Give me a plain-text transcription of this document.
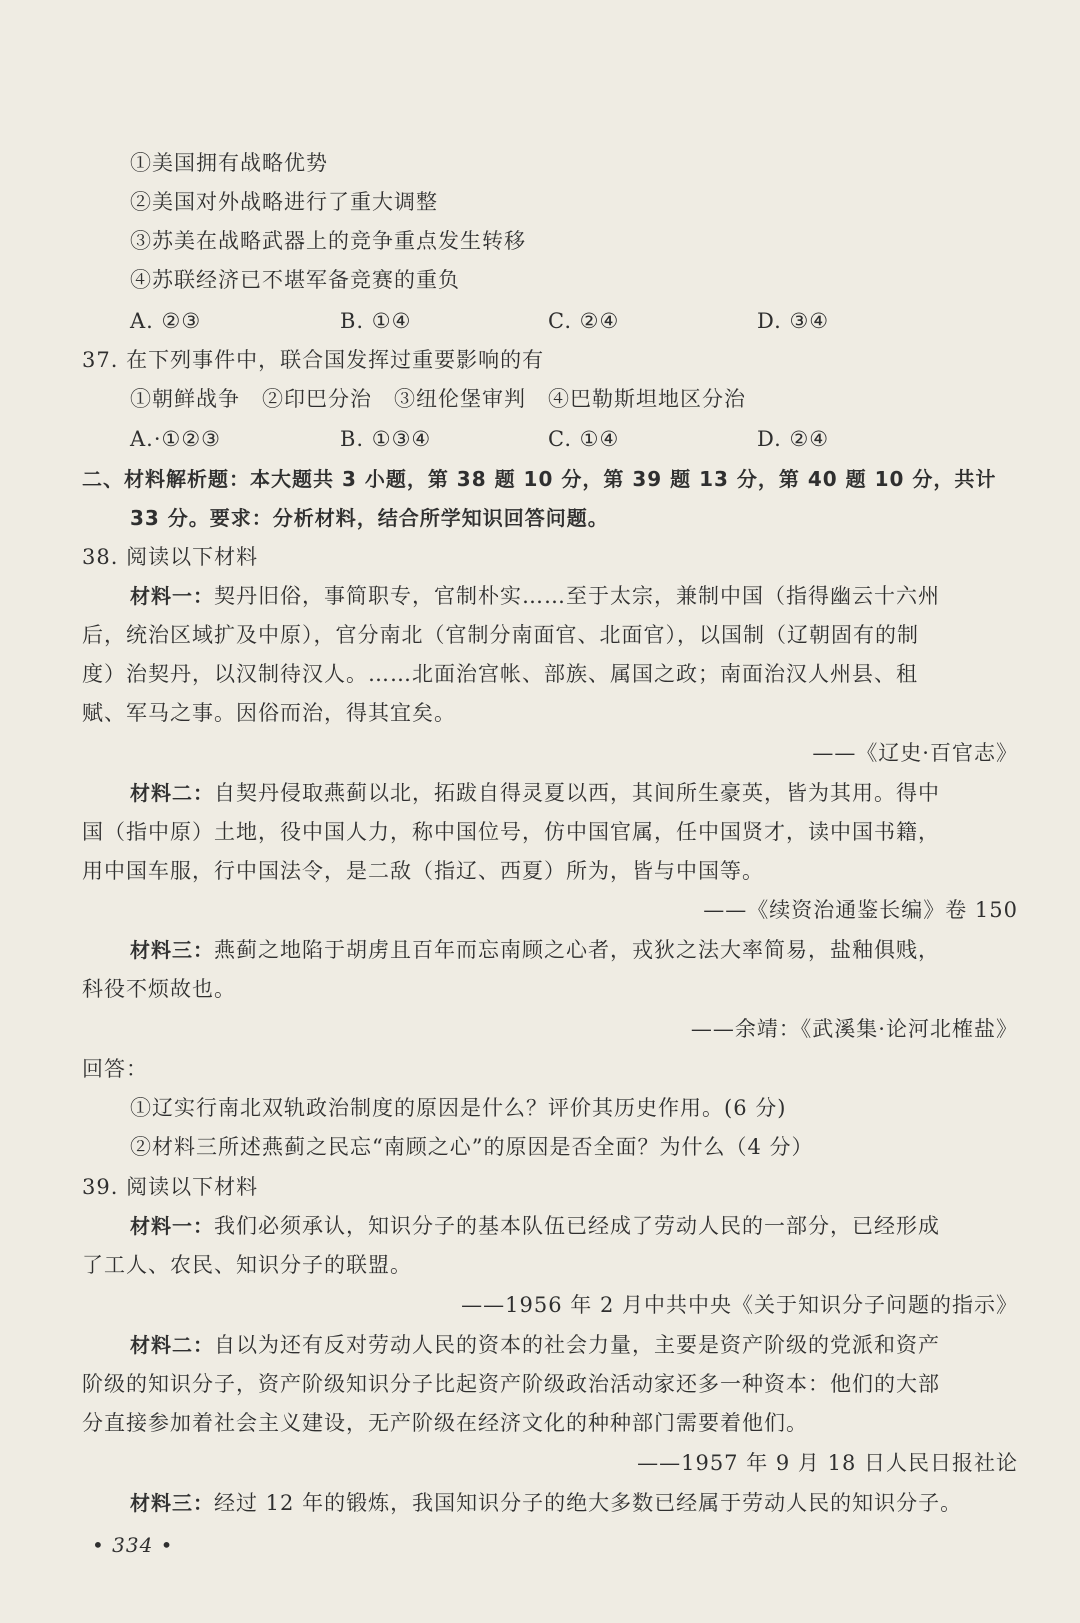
①美国拥有战略优势
②美国对外战略进行了重大调整
③苏美在战略武器上的竞争重点发生转移
④苏联经济已不堪军备竞赛的重负
A. ②③	B. ①④	C. ②④	D. ③④
37. 在下列事件中，联合国发挥过重要影响的有
①朝鲜战争　②印巴分治　③纽伦堡审判　④巴勒斯坦地区分治
A.·①②③	B. ①③④	C. ①④	D. ②④
二、材料解析题：本大题共 3 小题，第 38 题 10 分，第 39 题 13 分，第 40 题 10 分，共计
33 分。要求：分析材料，结合所学知识回答问题。
38. 阅读以下材料
材料一：契丹旧俗，事简职专，官制朴实……至于太宗，兼制中国（指得幽云十六州
后，统治区域扩及中原），官分南北（官制分南面官、北面官），以国制（辽朝固有的制
度）治契丹，以汉制待汉人。……北面治宫帐、部族、属国之政；南面治汉人州县、租
赋、军马之事。因俗而治，得其宜矣。
——《辽史·百官志》
材料二：自契丹侵取燕蓟以北，拓跋自得灵夏以西，其间所生豪英，皆为其用。得中
国（指中原）土地，役中国人力，称中国位号，仿中国官属，任中国贤才，读中国书籍，
用中国车服，行中国法令，是二敌（指辽、西夏）所为，皆与中国等。
——《续资治通鉴长编》卷 150
材料三：燕蓟之地陷于胡虏且百年而忘南顾之心者，戎狄之法大率简易，盐釉俱贱，
科役不烦故也。
——余靖：《武溪集·论河北榷盐》
回答：
①辽实行南北双轨政治制度的原因是什么？评价其历史作用。(6 分)
②材料三所述燕蓟之民忘“南顾之心”的原因是否全面？为什么（4 分）
39. 阅读以下材料
材料一：我们必须承认，知识分子的基本队伍已经成了劳动人民的一部分，已经形成
了工人、农民、知识分子的联盟。
——1956 年 2 月中共中央《关于知识分子问题的指示》
材料二：自以为还有反对劳动人民的资本的社会力量，主要是资产阶级的党派和资产
阶级的知识分子，资产阶级知识分子比起资产阶级政治活动家还多一种资本：他们的大部
分直接参加着社会主义建设，无产阶级在经济文化的种种部门需要着他们。
——1957 年 9 月 18 日人民日报社论
材料三：经过 12 年的锻炼，我国知识分子的绝大多数已经属于劳动人民的知识分子。
• 334 •
